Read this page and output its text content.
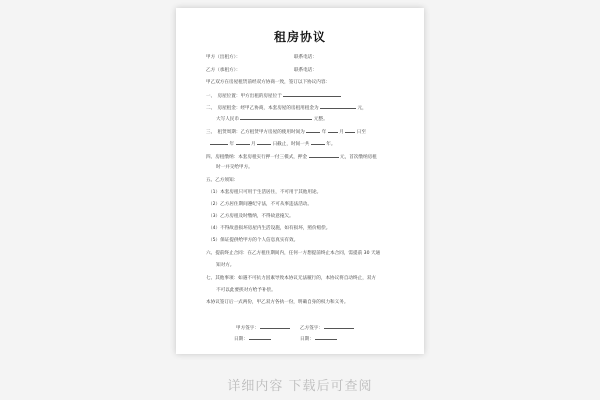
租房协议
甲方（出租方）：	联系电话：
乙方（承租方）：	联系电话：
甲乙双方在房屋租赁前经双方协商一致，签订以下协议内容：
一、　房屋位置：甲方出租的房屋位于
二、　房屋租金：经甲乙协商，本套房屋的房租用租金为	元，
大写人民币	元整。
三、　租赁周期：乙方租赁甲方房屋的使用时间为	年	月	日至
年	月	日截止，时间一共	年。
四、房租缴纳：本套房租实行押一付三模式，押金	元，首次缴纳房租
时一并交给甲方。
五、乙方须知：
（1）本套房租只可用于生活居住，不可用于其他用途。
（2）乙方居住期间遵纪守法，不可从事违法活动。
（3）乙方房租及时缴纳，不得故意拖欠。
（4）不得故意损坏房屋内生活设施，如有损坏，照价赔偿。
（5）保证提供给甲方的个人信息真实有效。
六、提前终止合同：在乙方租住期间内，任何一方想提前终止本合同，需提前 30 天通
知对方。
七、其他事项：如遇不可抗力因素导致本协议无法履行的，本协议将自动终止，双方
不可以此要挟对方给予补偿。
本协议签订后一式两份，甲乙双方各执一份，明确自身的权力和义务。
甲方签字：	乙方签字：
日期：	日期：
详细内容 下载后可查阅
